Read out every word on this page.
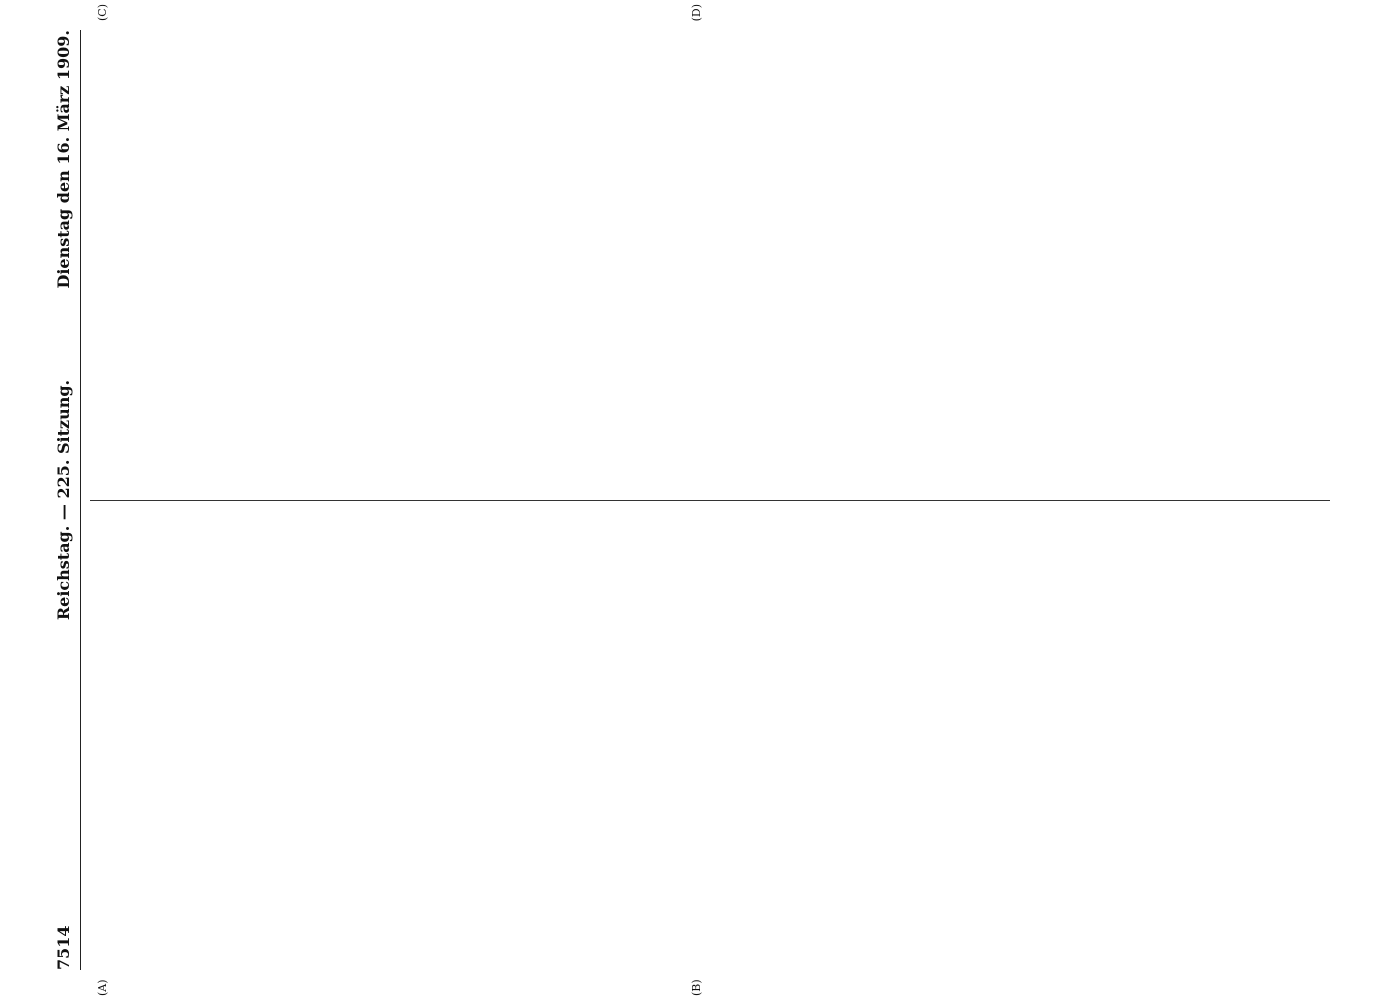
7514
Reichstag. — 225. Sitzung.
Dienstag den 16. März 1909.
(A)	(B)

(C)	(D)
